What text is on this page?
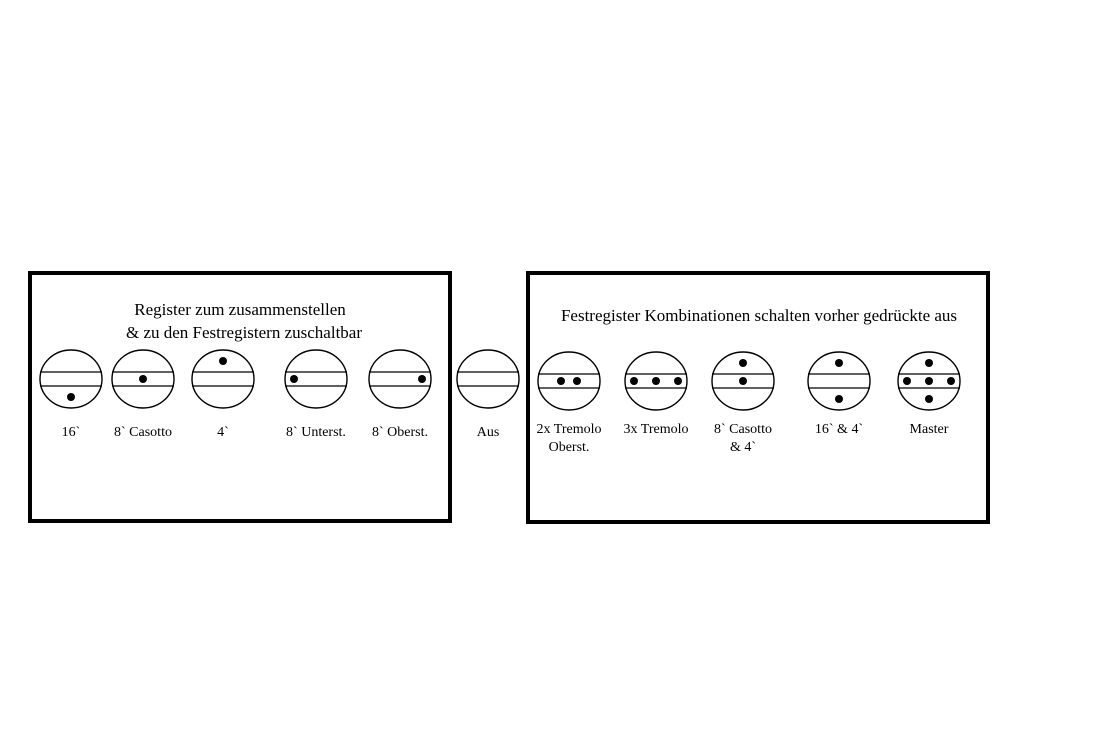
Register zum zusammenstellen
& zu den Festregistern zuschaltbar
16` 8` Casotto	4`	8` Unterst. 8` Oberst.	Aus
Festregister Kombinationen schalten vorher gedrückte aus
2x Tremolo
Oberst.
3x Tremolo 8` Casotto
& 4`
16` & 4`	Master
